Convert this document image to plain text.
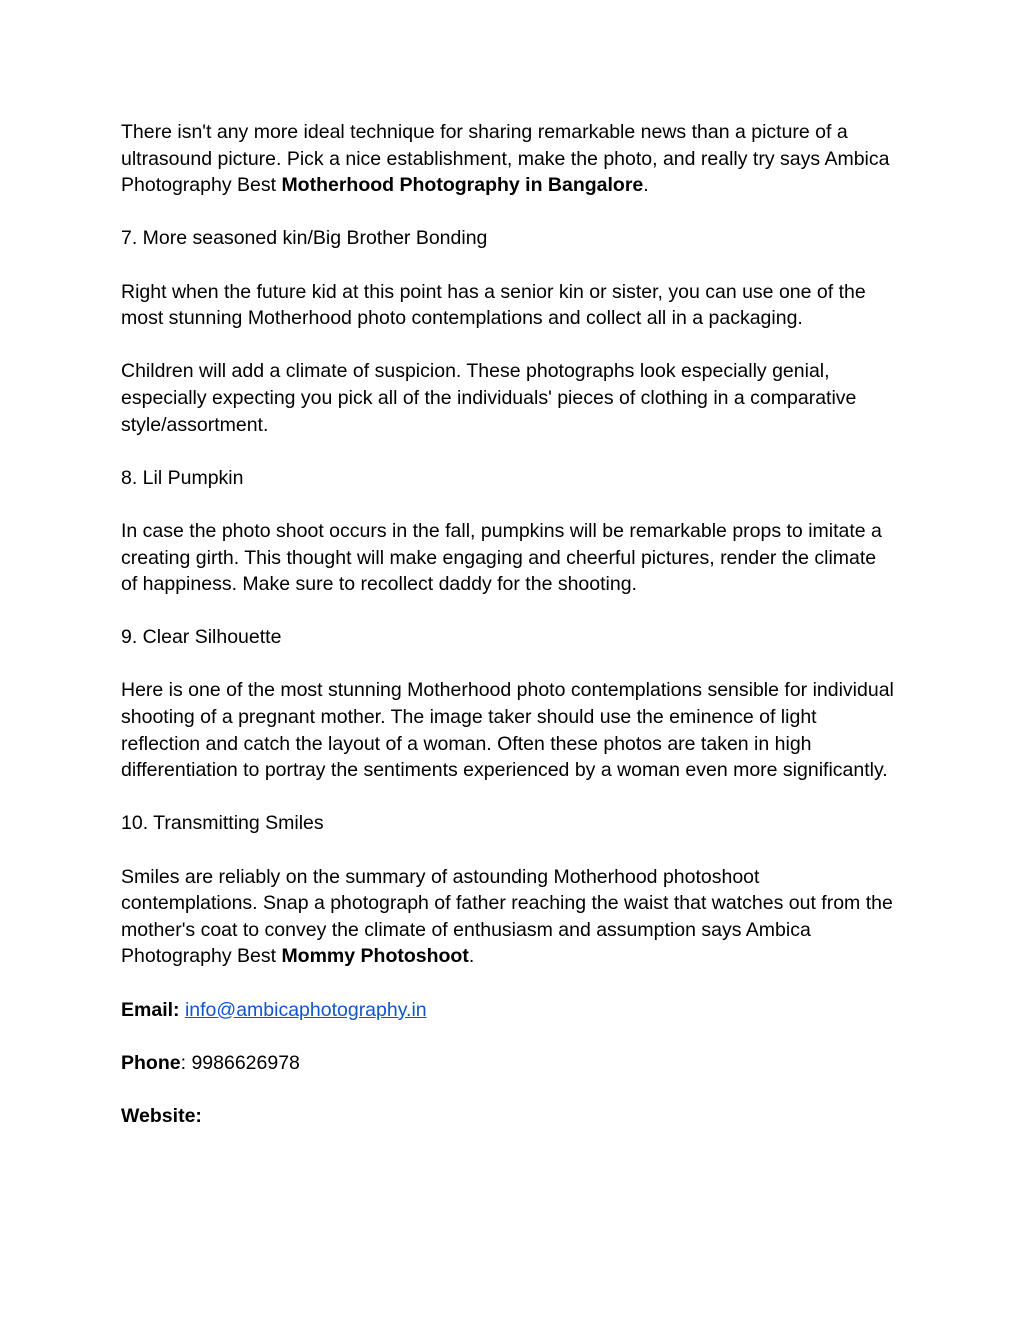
There isn't any more ideal technique for sharing remarkable news than a picture of a ultrasound picture. Pick a nice establishment, make the photo, and really try says Ambica Photography Best Motherhood Photography in Bangalore.

7. More seasoned kin/Big Brother Bonding

Right when the future kid at this point has a senior kin or sister, you can use one of the most stunning Motherhood photo contemplations and collect all in a packaging.

Children will add a climate of suspicion. These photographs look especially genial, especially expecting you pick all of the individuals' pieces of clothing in a comparative style/assortment.

8. Lil Pumpkin

In case the photo shoot occurs in the fall, pumpkins will be remarkable props to imitate a creating girth. This thought will make engaging and cheerful pictures, render the climate of happiness. Make sure to recollect daddy for the shooting.

9. Clear Silhouette

Here is one of the most stunning Motherhood photo contemplations sensible for individual shooting of a pregnant mother. The image taker should use the eminence of light reflection and catch the layout of a woman. Often these photos are taken in high differentiation to portray the sentiments experienced by a woman even more significantly.

10. Transmitting Smiles

Smiles are reliably on the summary of astounding Motherhood photoshoot contemplations. Snap a photograph of father reaching the waist that watches out from the mother's coat to convey the climate of enthusiasm and assumption says Ambica Photography Best Mommy Photoshoot.

Email: info@ambicaphotography.in

Phone: 9986626978

Website:
